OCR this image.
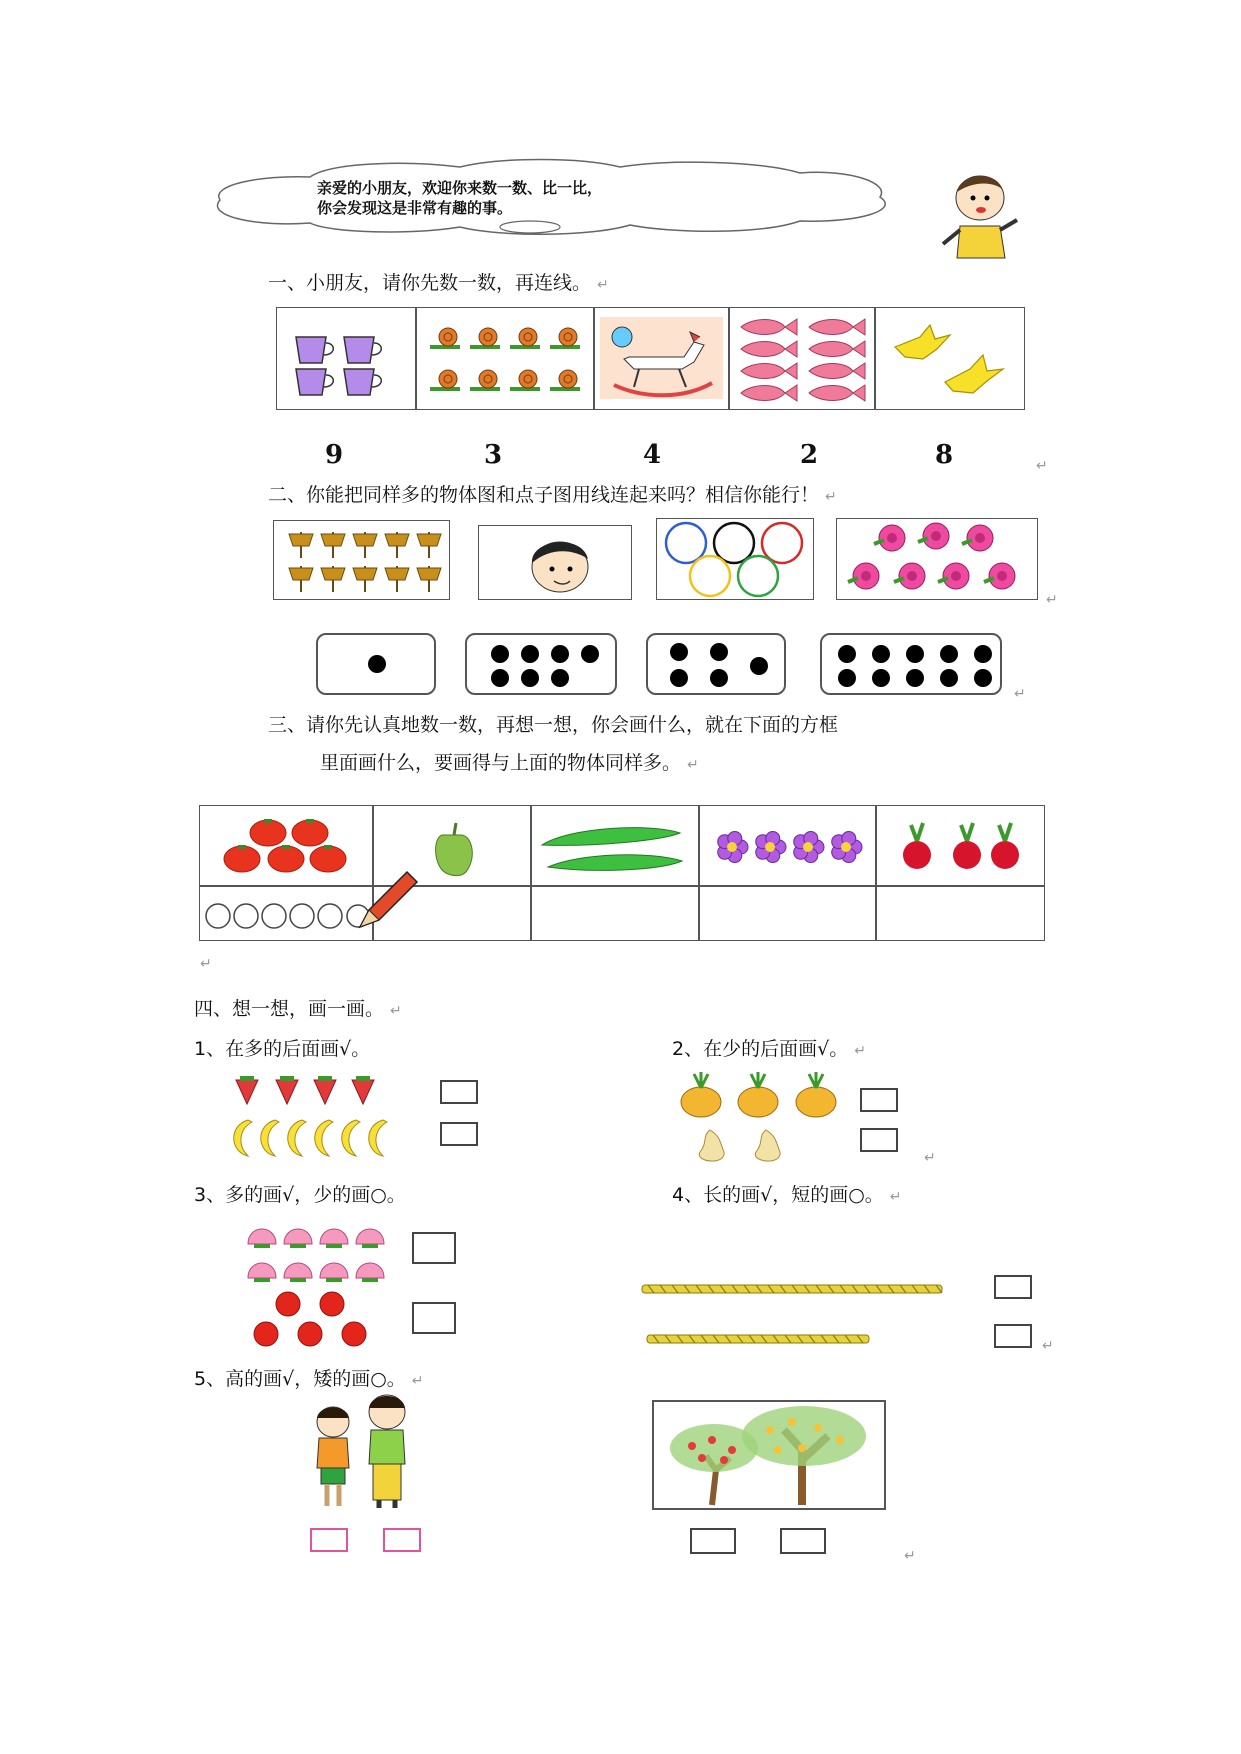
亲爱的小朋友，欢迎你来数一数、比一比，
你会发现这是非常有趣的事。
一、小朋友，请你先数一数，再连线。 ↵
9	3	4	2	8	↵
二、你能把同样多的物体图和点子图用线连起来吗？相信你能行！ ↵
↵
↵
三、请你先认真地数一数，再想一想，你会画什么，就在下面的方框
里面画什么，要画得与上面的物体同样多。 ↵
↵
四、想一想，画一画。 ↵
1、在多的后面画√。	2、在少的后面画√。 ↵
↵
3、多的画√，少的画○。	4、长的画√，短的画○。 ↵
↵
5、高的画√，矮的画○。 ↵
↵
